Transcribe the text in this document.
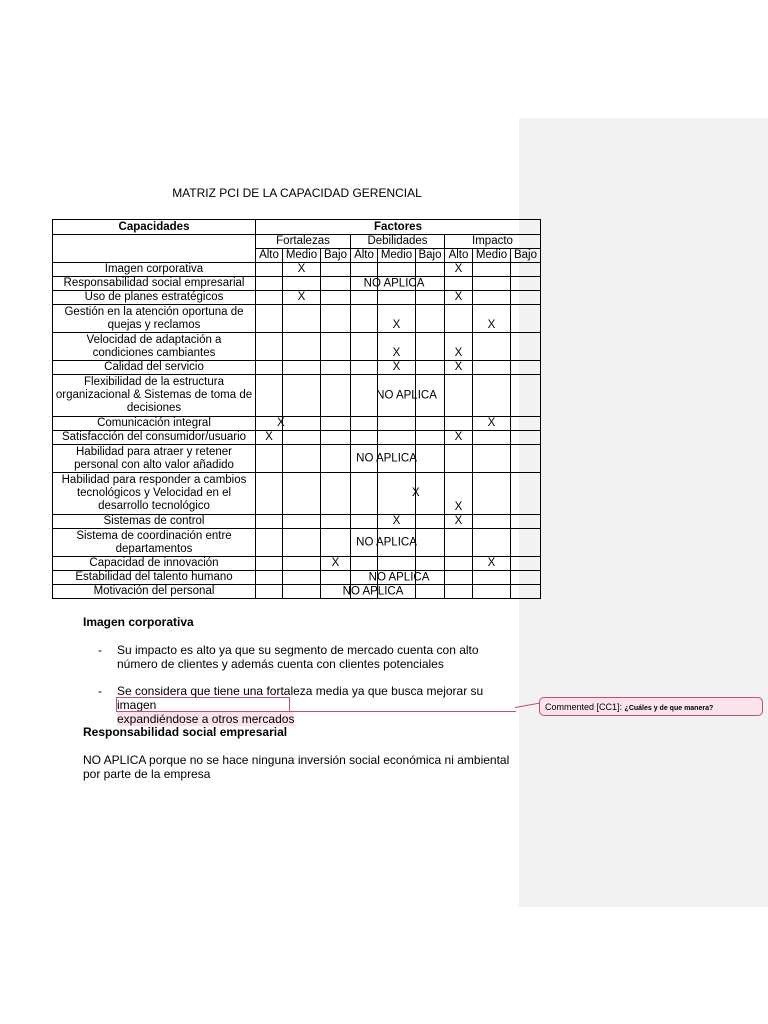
MATRIZ PCI DE LA CAPACIDAD GERENCIAL
Capacidades	Factores								
	Fortalezas			Debilidades			Impacto		
	Alto	Medio	Bajo	Alto	Medio	Bajo	Alto	Medio	Bajo
Imagen corporativa		X					X		
Responsabilidad social empresarial				NO APLICA					

Uso de planes estratégicos		X					X		
Gestión en la atención oportuna de quejas y reclamos					X			X	
Velocidad de adaptación a condiciones cambiantes					X		X		
Calidad del servicio					X		X		
Flexibilidad de la estructura organizacional & Sistemas de toma de decisiones					NO APLICA				

Comunicación integral		X						X	
Satisfacción del consumidor/usuario	X						X		
Habilidad para atraer y retener personal con alto valor añadido					NO APLICA				

Habilidad para responder a cambios tecnológicos y Velocidad en el desarrollo tecnológico					X		X		
Sistemas de control					X		X		
Sistema de coordinación entre departamentos					NO APLICA				

Capacidad de innovación			X					X	
Estabilidad del talento humano				NO APLICA					

Motivación del personal			NO APLICA						

Imagen corporativa
- Su impacto es alto ya que su segmento de mercado cuenta con alto número de clientes y además cuenta con clientes potenciales
- Se considera que tiene una fortaleza media ya que busca mejorar su imagen
expandiéndose a otros mercados
Commented [CC1]: ¿Cuáles y de que manera?
Responsabilidad social empresarial
NO APLICA porque no se hace ninguna inversión social económica ni ambiental por parte de la empresa
